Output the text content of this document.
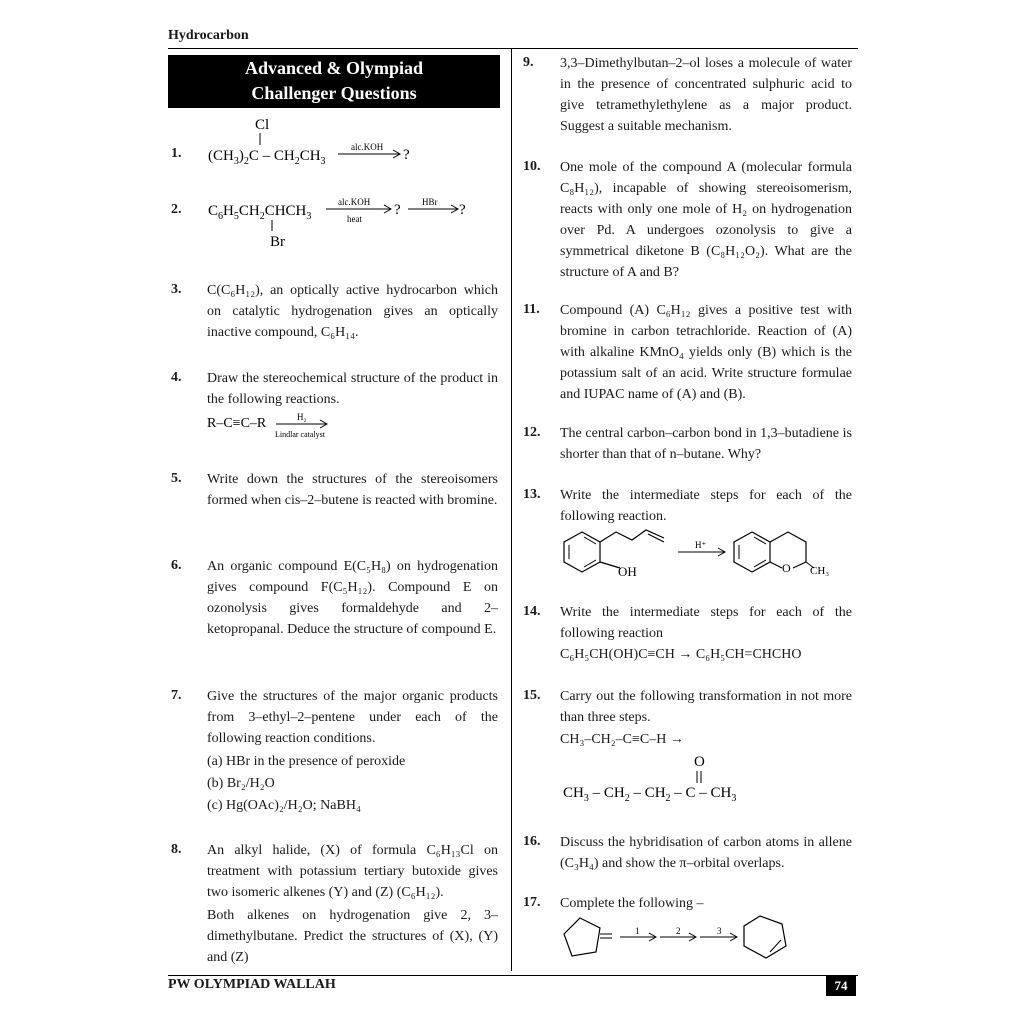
Hydrocarbon
Advanced & Olympiad
Challenger Questions
1.
Cl
$(CH_3)_2C - CH_2CH_3$
alc.KOH ?
2. $C_6H_5CH_2CHCH_3$
Br
alc.KOH
heat
? HBr ?
3. C(C₆H₁₂), an optically active hydrocarbon which on catalytic hydrogenation gives an optically inactive compound, C₆H₁₄.
4. Draw the stereochemical structure of the product in the following reactions.
R–C≡C–R	H₂
Lindlar catalyst
5. Write down the structures of the stereoisomers formed when cis–2–butene is reacted with bromine.
6. An organic compound E(C₅H₈) on hydrogenation gives compound F(C₅H₁₂). Compound E on ozonolysis gives formaldehyde and 2–ketopropanal. Deduce the structure of compound E.
7. Give the structures of the major organic products from 3–ethyl–2–pentene under each of the following reaction conditions.
(a) HBr in the presence of peroxide
(b) Br₂/H₂O
(c) Hg(OAc)₂/H₂O; NaBH₄
8. An alkyl halide, (X) of formula C₆H₁₃Cl on treatment with potassium tertiary butoxide gives two isomeric alkenes (Y) and (Z) (C₆H₁₂).
Both alkenes on hydrogenation give 2, 3–dimethylbutane. Predict the structures of (X), (Y) and (Z)
9. 3,3–Dimethylbutan–2–ol loses a molecule of water in the presence of concentrated sulphuric acid to give tetramethylethylene as a major product. Suggest a suitable mechanism.
10. One mole of the compound A (molecular formula C₈H₁₂), incapable of showing stereoisomerism, reacts with only one mole of H₂ on hydrogenation over Pd. A undergoes ozonolysis to give a symmetrical diketone B (C₈H₁₂O₂). What are the structure of A and B?
11. Compound (A) C₆H₁₂ gives a positive test with bromine in carbon tetrachloride. Reaction of (A) with alkaline KMnO₄ yields only (B) which is the potassium salt of an acid. Write structure formulae and IUPAC name of (A) and (B).
12. The central carbon–carbon bond in 1,3–butadiene is shorter than that of n–butane. Why?
13. Write the intermediate steps for each of the following reaction.
OH
H⁺
O CH₃
14. Write the intermediate steps for each of the following reaction
C₆H₅CH(OH)C≡CH → C₆H₅CH=CHCHO
15. Carry out the following transformation in not more than three steps.
CH₃–CH₂–C≡C–H →
O
$CH_3 - CH_2 - CH_2$ – C – $CH_3$
16. Discuss the hybridisation of carbon atoms in allene (C₃H₄) and show the π–orbital overlaps.
17. Complete the following –
1	2	3
PW OLYMPIAD WALLAH	74
